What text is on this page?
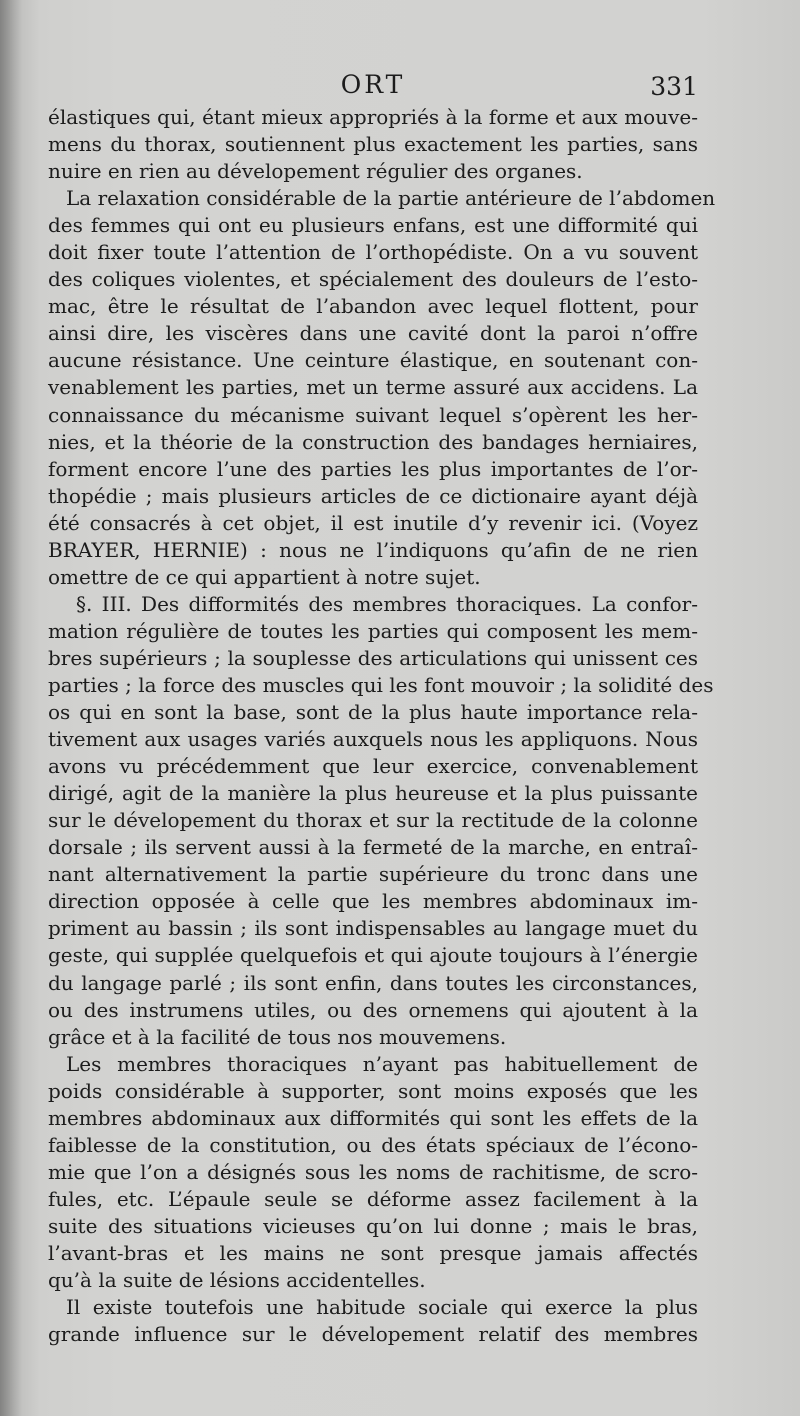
ORT	331
élastiques qui, étant mieux appropriés à la forme et aux mouve-
mens du thorax, soutiennent plus exactement les parties, sans
nuire en rien au dévelopement régulier des organes.
La relaxation considérable de la partie antérieure de l’abdomen
des femmes qui ont eu plusieurs enfans, est une difformité qui
doit fixer toute l’attention de l’orthopédiste. On a vu souvent
des coliques violentes, et spécialement des douleurs de l’esto-
mac, être le résultat de l’abandon avec lequel flottent, pour
ainsi dire, les viscères dans une cavité dont la paroi n’offre
aucune résistance. Une ceinture élastique, en soutenant con-
venablement les parties, met un terme assuré aux accidens. La
connaissance du mécanisme suivant lequel s’opèrent les her-
nies, et la théorie de la construction des bandages herniaires,
forment encore l’une des parties les plus importantes de l’or-
thopédie ; mais plusieurs articles de ce dictionaire ayant déjà
été consacrés à cet objet, il est inutile d’y revenir ici. (Voyez
BRAYER, HERNIE) : nous ne l’indiquons qu’afin de ne rien
omettre de ce qui appartient à notre sujet.
§. III. Des difformités des membres thoraciques. La confor-
mation régulière de toutes les parties qui composent les mem-
bres supérieurs ; la souplesse des articulations qui unissent ces
parties ; la force des muscles qui les font mouvoir ; la solidité des
os qui en sont la base, sont de la plus haute importance rela-
tivement aux usages variés auxquels nous les appliquons. Nous
avons vu précédemment que leur exercice, convenablement
dirigé, agit de la manière la plus heureuse et la plus puissante
sur le dévelopement du thorax et sur la rectitude de la colonne
dorsale ; ils servent aussi à la fermeté de la marche, en entraî-
nant alternativement la partie supérieure du tronc dans une
direction opposée à celle que les membres abdominaux im-
priment au bassin ; ils sont indispensables au langage muet du
geste, qui supplée quelquefois et qui ajoute toujours à l’énergie
du langage parlé ; ils sont enfin, dans toutes les circonstances,
ou des instrumens utiles, ou des ornemens qui ajoutent à la
grâce et à la facilité de tous nos mouvemens.
Les membres thoraciques n’ayant pas habituellement de
poids considérable à supporter, sont moins exposés que les
membres abdominaux aux difformités qui sont les effets de la
faiblesse de la constitution, ou des états spéciaux de l’écono-
mie que l’on a désignés sous les noms de rachitisme, de scro-
fules, etc. L’épaule seule se déforme assez facilement à la
suite des situations vicieuses qu’on lui donne ; mais le bras,
l’avant-bras et les mains ne sont presque jamais affectés
qu’à la suite de lésions accidentelles.
Il existe toutefois une habitude sociale qui exerce la plus
grande influence sur le dévelopement relatif des membres
